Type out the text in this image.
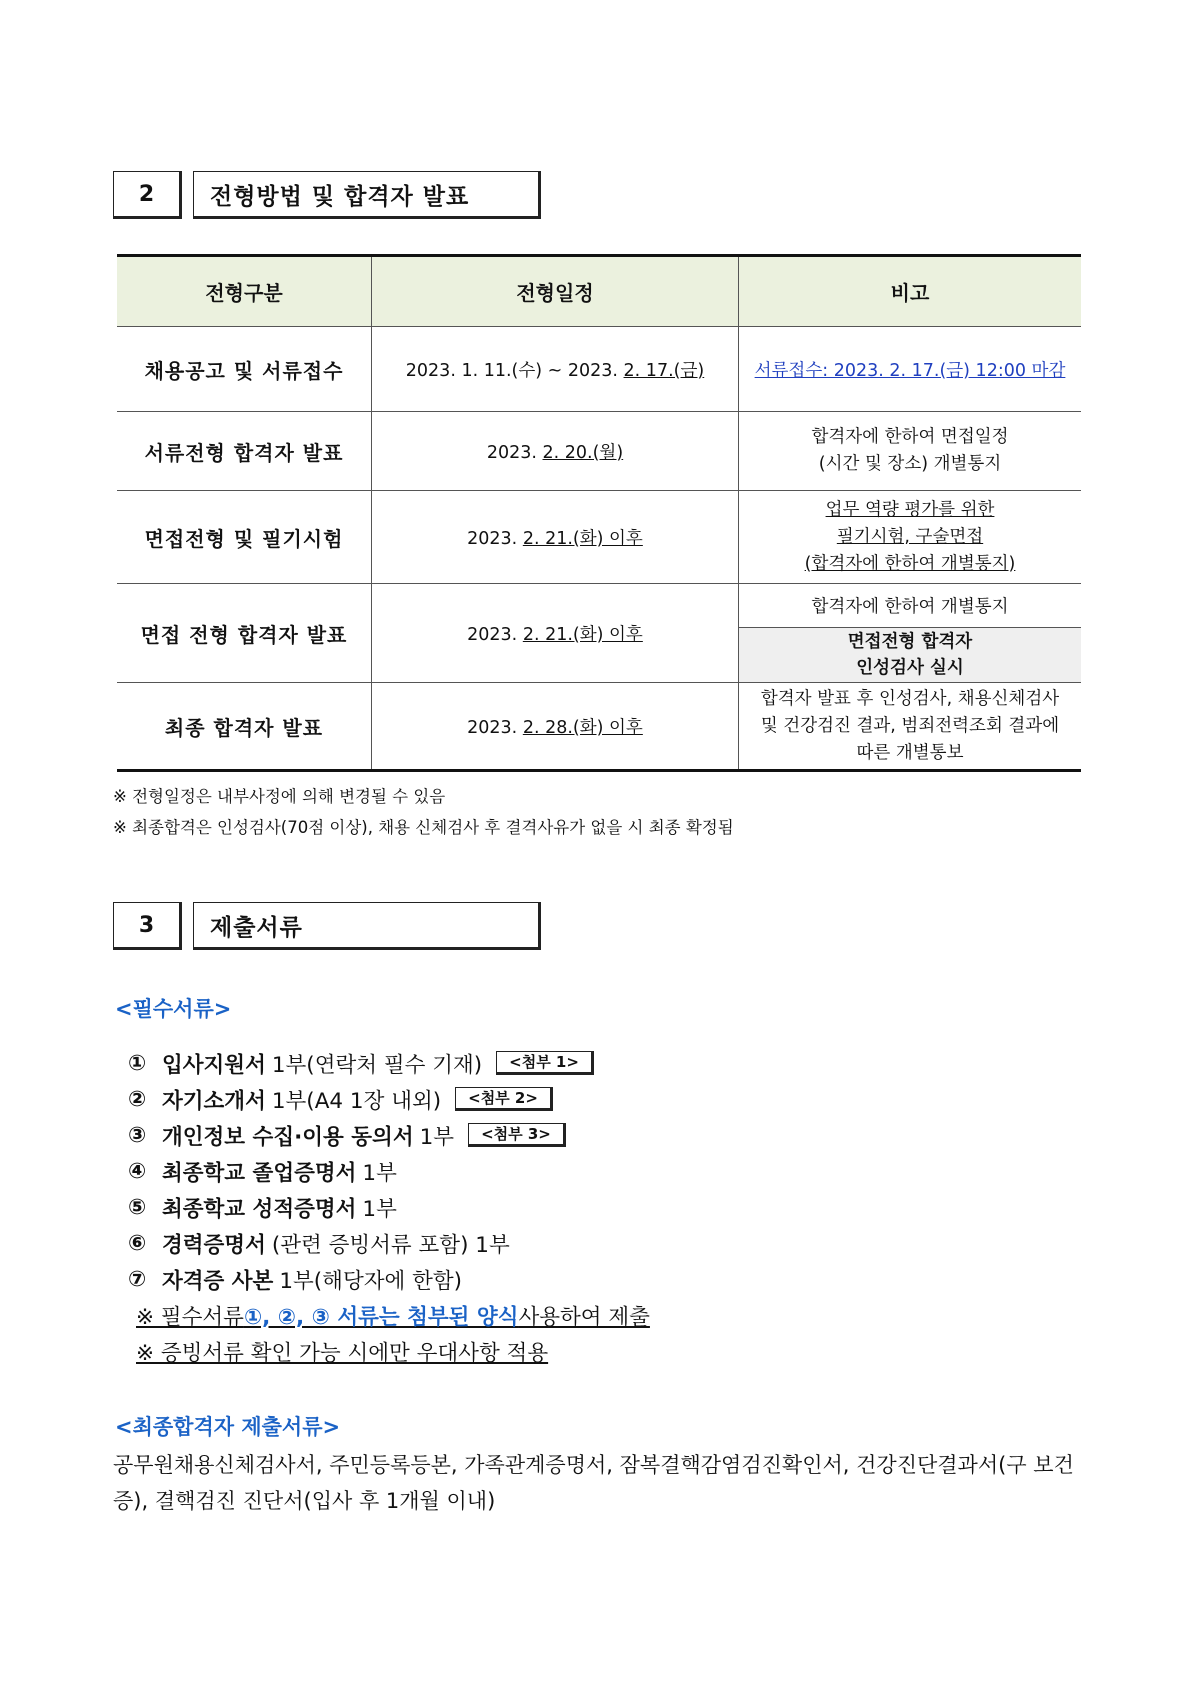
2	전형방법 및 합격자 발표
전형구분	전형일정	비고
채용공고 및 서류접수	2023. 1. 11.(수) ~ 2023. 2. 17.(금)	서류접수: 2023. 2. 17.(금) 12:00 마감
서류전형 합격자 발표	2023. 2. 20.(월)	합격자에 한하여 면접일정
(시간 및 장소) 개별통지

면접전형 및 필기시험	2023. 2. 21.(화) 이후	업무 역량 평가를 위한
필기시험, 구술면접
(합격자에 한하여 개별통지)

면접 전형 합격자 발표	2023. 2. 21.(화) 이후	합격자에 한하여 개별통지

		면접전형 합격자
인성검사 실시

최종 합격자 발표	2023. 2. 28.(화) 이후	합격자 발표 후 인성검사, 채용신체검사
및 건강검진 결과, 범죄전력조회 결과에
따른 개별통보
※ 전형일정은 내부사정에 의해 변경될 수 있음
※ 최종합격은 인성검사(70점 이상), 채용 신체검사 후 결격사유가 없을 시 최종 확정됨
3	제출서류
<필수서류>
① 입사지원서 1부(연락처 필수 기재)	<첨부 1>
② 자기소개서 1부(A4 1장 내외)	<첨부 2>
③ 개인정보 수집·이용 동의서 1부	<첨부 3>
④ 최종학교 졸업증명서 1부
⑤ 최종학교 성적증명서 1부
⑥ 경력증명서 (관련 증빙서류 포함) 1부
⑦ 자격증 사본 1부(해당자에 한함)
※ 필수서류 ①, ②, ③ 서류는 첨부된 양식 사용하여 제출
※ 증빙서류 확인 가능 시에만 우대사항 적용
<최종합격자 제출서류>
공무원채용신체검사서, 주민등록등본, 가족관계증명서, 잠복결핵감염검진확인서, 건강진단결과서(구 보건증), 결핵검진 진단서(입사 후 1개월 이내)
